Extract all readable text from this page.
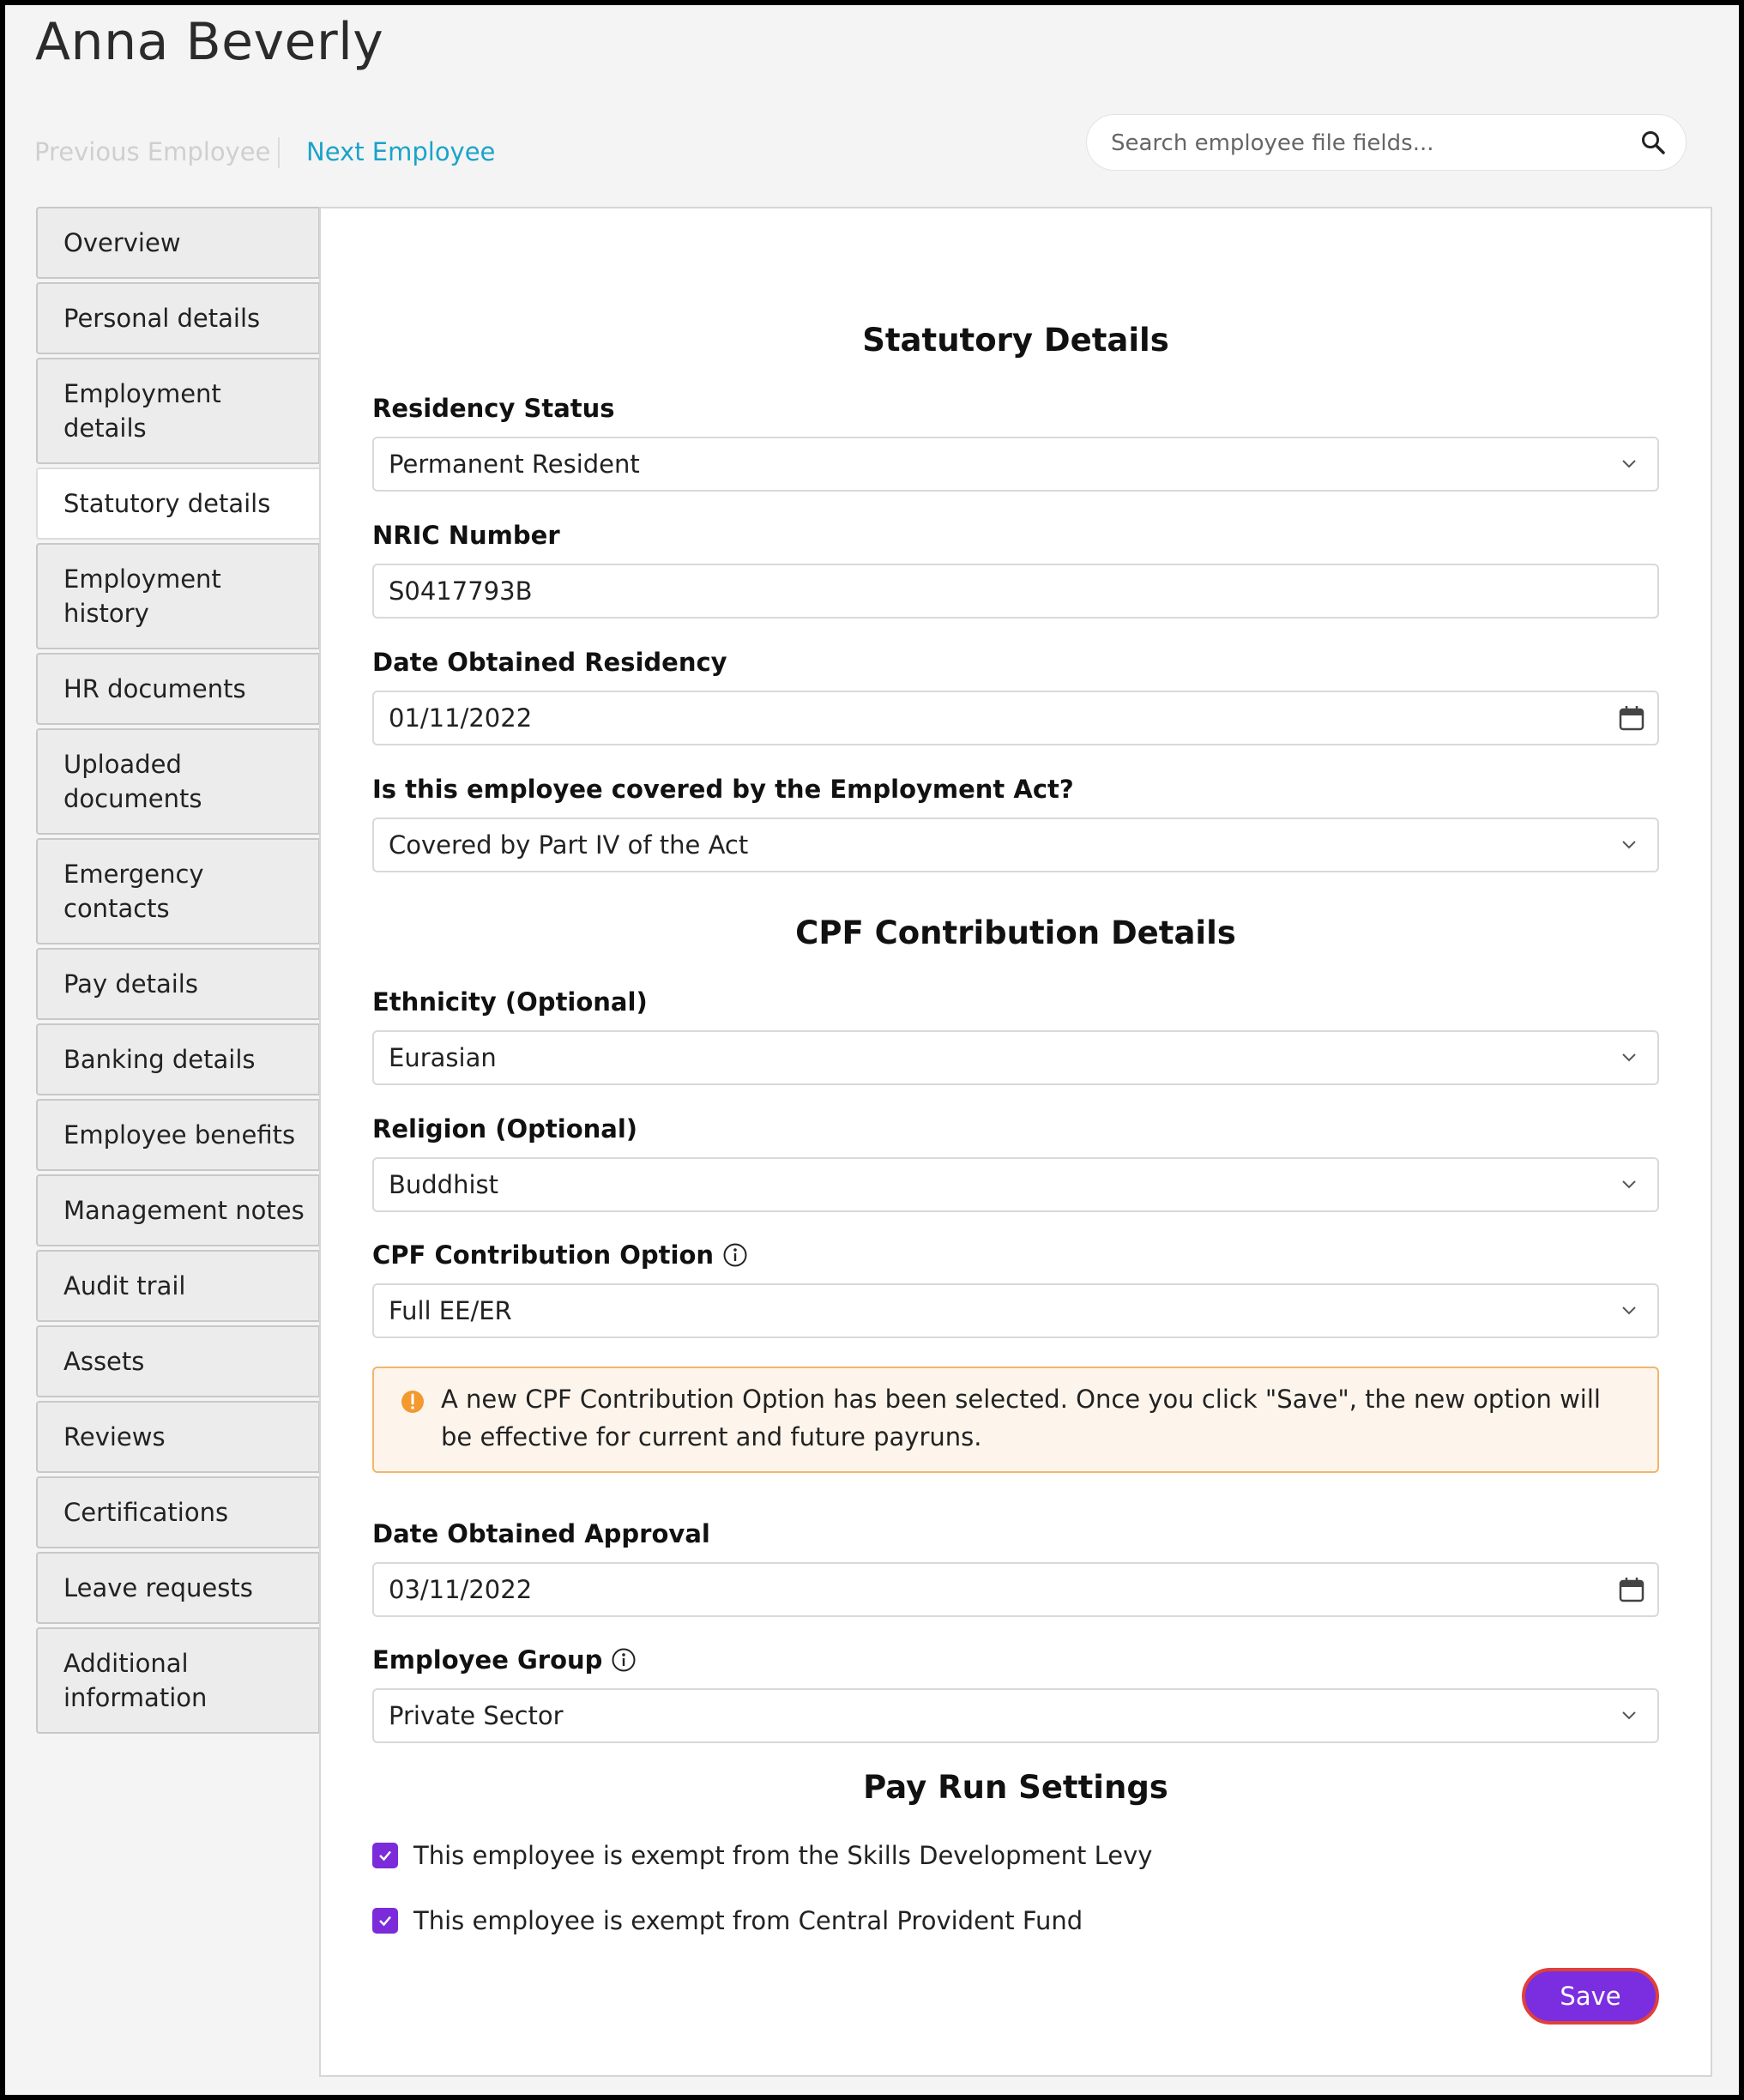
Anna Beverly
Previous Employee Next Employee
Search employee file fields...
Overview
Personal details
Employment details
Statutory details
Employment history
HR documents
Uploaded documents
Emergency contacts
Pay details
Banking details
Employee benefits
Management notes
Audit trail
Assets
Reviews
Certifications
Leave requests
Additional information
Statutory Details
Residency Status
Permanent Resident
NRIC Number
S0417793B
Date Obtained Residency
01/11/2022
Is this employee covered by the Employment Act?
Covered by Part IV of the Act
CPF Contribution Details
Ethnicity (Optional)
Eurasian
Religion (Optional)
Buddhist
CPF Contribution Option
Full EE/ER
A new CPF Contribution Option has been selected. Once you click "Save", the new option will be effective for current and future payruns.
Date Obtained Approval
03/11/2022
Employee Group
Private Sector
Pay Run Settings
This employee is exempt from the Skills Development Levy
This employee is exempt from Central Provident Fund
Save
